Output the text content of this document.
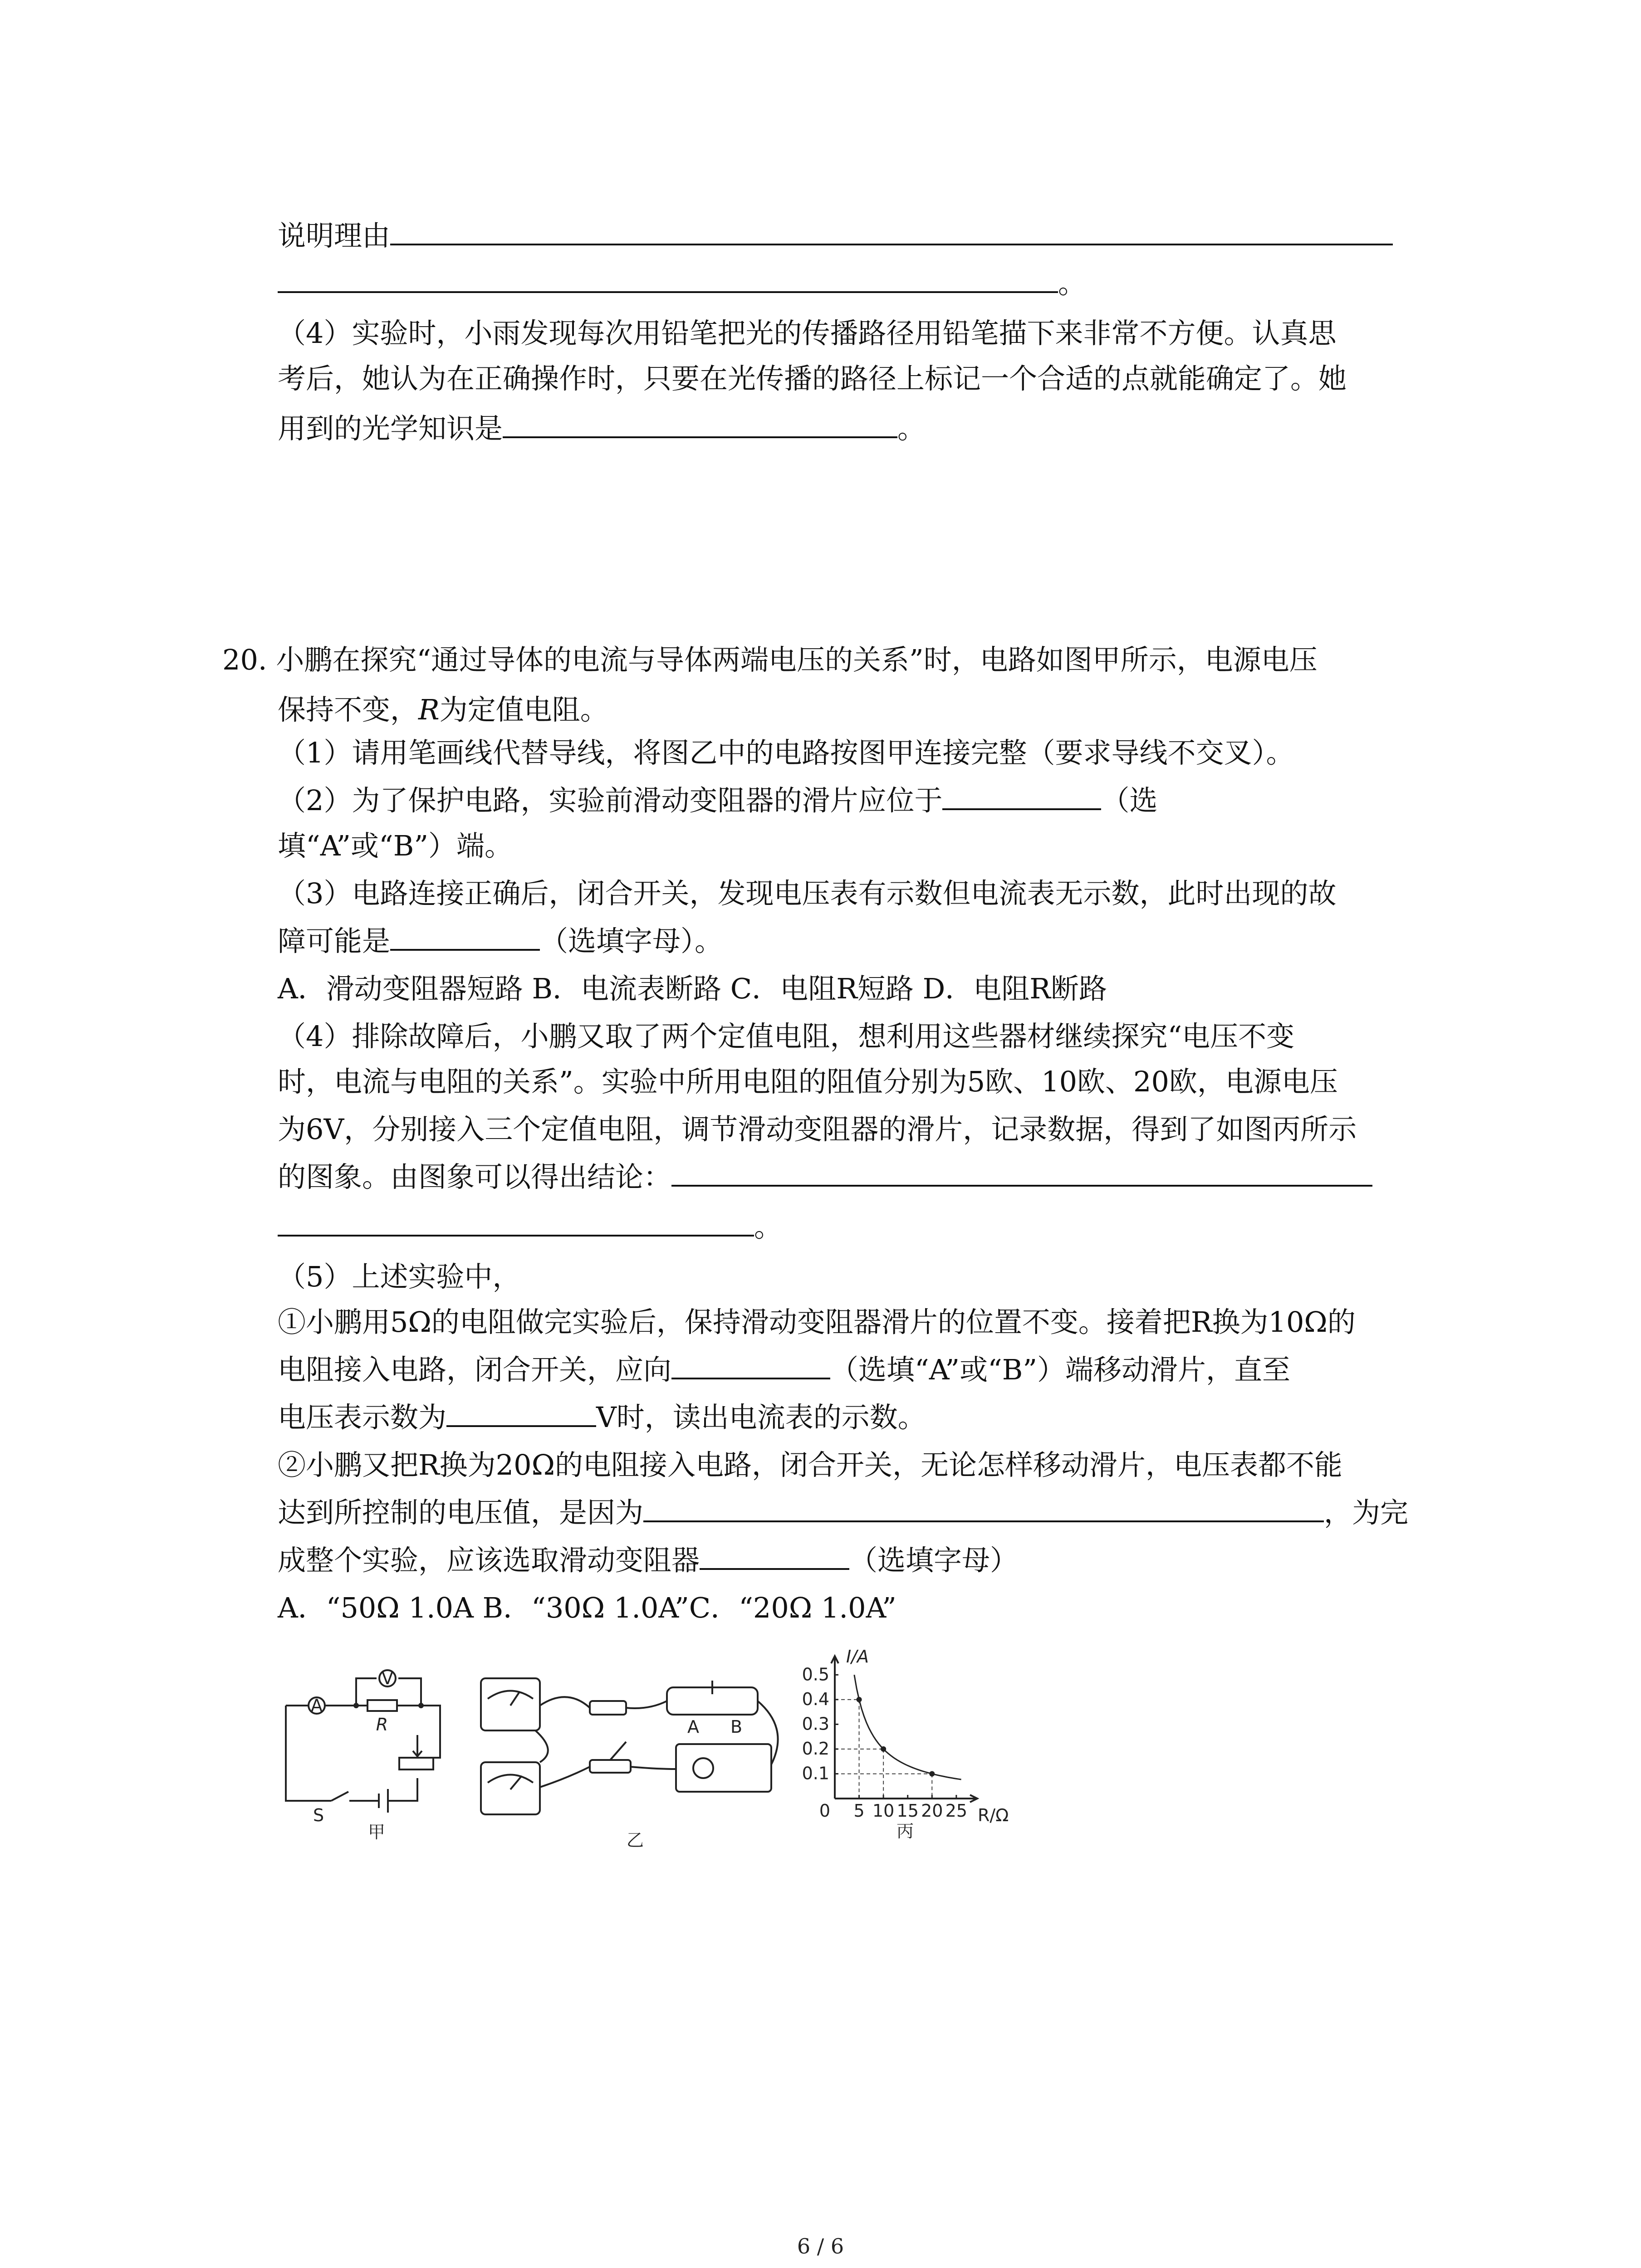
说明理由
。
（4）实验时，小雨发现每次用铅笔把光的传播路径用铅笔描下来非常不方便。认真思
考后，她认为在正确操作时，只要在光传播的路径上标记一个合适的点就能确定了。她
用到的光学知识是	。
20. 小鹏在探究“通过导体的电流与导体两端电压的关系”时，电路如图甲所示，电源电压
保持不变，R为定值电阻。
（1）请用笔画线代替导线，将图乙中的电路按图甲连接完整（要求导线不交叉）。
（2）为了保护电路，实验前滑动变阻器的滑片应位于	（选
填“A”或“B”）端。
（3）电路连接正确后，闭合开关，发现电压表有示数但电流表无示数，此时出现的故
障可能是	（选填字母）。
A．滑动变阻器短路 B．电流表断路 C．电阻R短路 D．电阻R断路
（4）排除故障后，小鹏又取了两个定值电阻，想利用这些器材继续探究“电压不变
时，电流与电阻的关系”。实验中所用电阻的阻值分别为5欧、10欧、20欧，电源电压
为6V，分别接入三个定值电阻，调节滑动变阻器的滑片，记录数据，得到了如图丙所示
的图象。由图象可以得出结论：
。
（5）上述实验中，
①小鹏用5Ω的电阻做完实验后，保持滑动变阻器滑片的位置不变。接着把R换为10Ω的
电阻接入电路，闭合开关，应向	（选填“A”或“B”）端移动滑片，直至
电压表示数为	V时，读出电流表的示数。
②小鹏又把R换为20Ω的电阻接入电路，闭合开关，无论怎样移动滑片，电压表都不能
达到所控制的电压值，是因为	，为完
成整个实验，应该选取滑动变阻器	（选填字母）
A．“50Ω 1.0A B．“30Ω 1.0A”C．“20Ω 1.0A”
A
V
R
S
甲
A B
乙
0 5 10 15 20 25
0.1
0.2
0.3
0.4
0.5
I/A
R/Ω
丙
6 / 6
